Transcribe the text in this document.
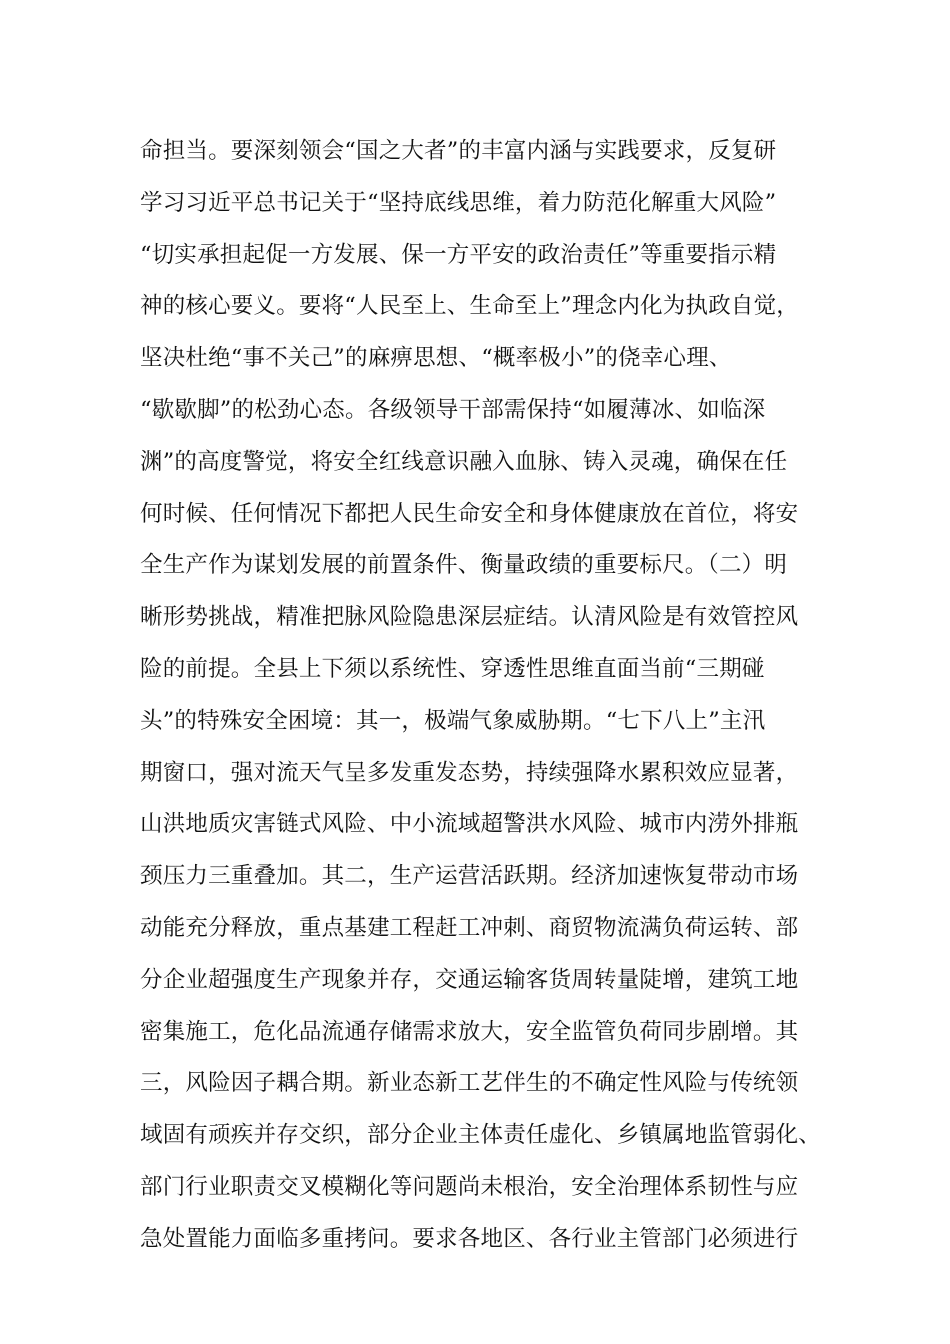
命担当。要深刻领会“国之大者”的丰富内涵与实践要求，反复研
学习习近平总书记关于“坚持底线思维，着力防范化解重大风险”
“切实承担起促一方发展、保一方平安的政治责任”等重要指示精
神的核心要义。要将“人民至上、生命至上”理念内化为执政自觉，
坚决杜绝“事不关己”的麻痹思想、“概率极小”的侥幸心理、
“歇歇脚”的松劲心态。各级领导干部需保持“如履薄冰、如临深
渊”的高度警觉，将安全红线意识融入血脉、铸入灵魂，确保在任
何时候、任何情况下都把人民生命安全和身体健康放在首位，将安
全生产作为谋划发展的前置条件、衡量政绩的重要标尺。（二）明
晰形势挑战，精准把脉风险隐患深层症结。认清风险是有效管控风
险的前提。全县上下须以系统性、穿透性思维直面当前“三期碰
头”的特殊安全困境：其一，极端气象威胁期。“七下八上”主汛
期窗口，强对流天气呈多发重发态势，持续强降水累积效应显著，
山洪地质灾害链式风险、中小流域超警洪水风险、城市内涝外排瓶
颈压力三重叠加。其二，生产运营活跃期。经济加速恢复带动市场
动能充分释放，重点基建工程赶工冲刺、商贸物流满负荷运转、部
分企业超强度生产现象并存，交通运输客货周转量陡增，建筑工地
密集施工，危化品流通存储需求放大，安全监管负荷同步剧增。其
三，风险因子耦合期。新业态新工艺伴生的不确定性风险与传统领
域固有顽疾并存交织，部分企业主体责任虚化、乡镇属地监管弱化、
部门行业职责交叉模糊化等问题尚未根治，安全治理体系韧性与应
急处置能力面临多重拷问。要求各地区、各行业主管部门必须进行
